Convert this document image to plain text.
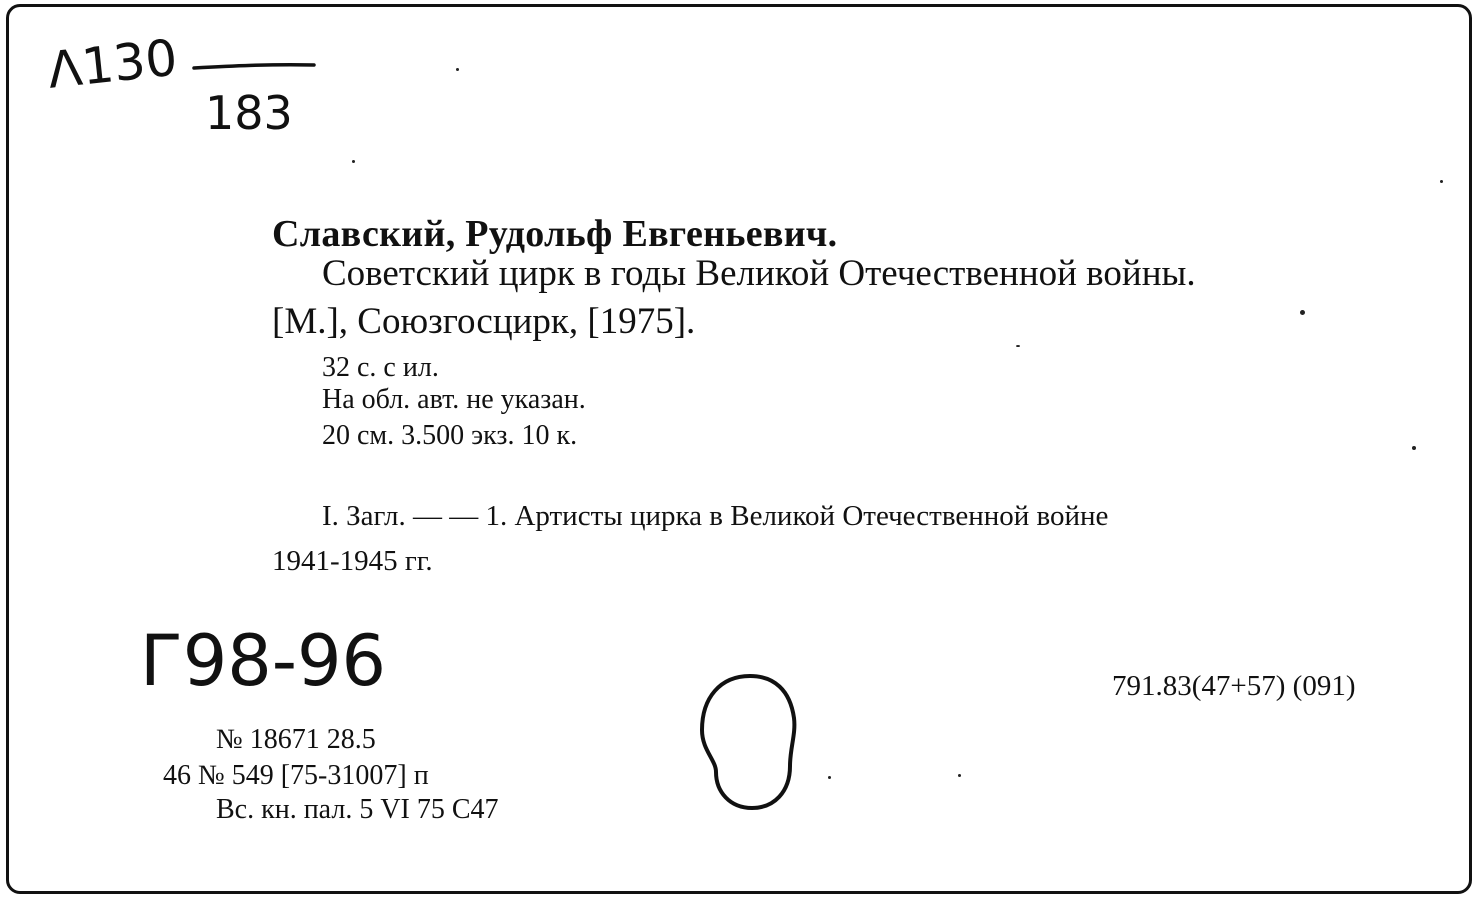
Λ130
183
Славский, Рудольф Евгеньевич.
Советский цирк в годы Великой Отечественной войны.
[М.], Союзгосцирк, [1975].
32 с. с ил.
На обл. авт. не указан.
20 см. 3.500 экз. 10 к.
I. Загл. — — 1. Артисты цирка в Великой Отечественной войне
1941-1945 гг.
Г98-96	791.83(47+57) (091)
№ 18671 28.5
46 № 549 [75-31007] п
Вс. кн. пал. 5 VI 75 С47
